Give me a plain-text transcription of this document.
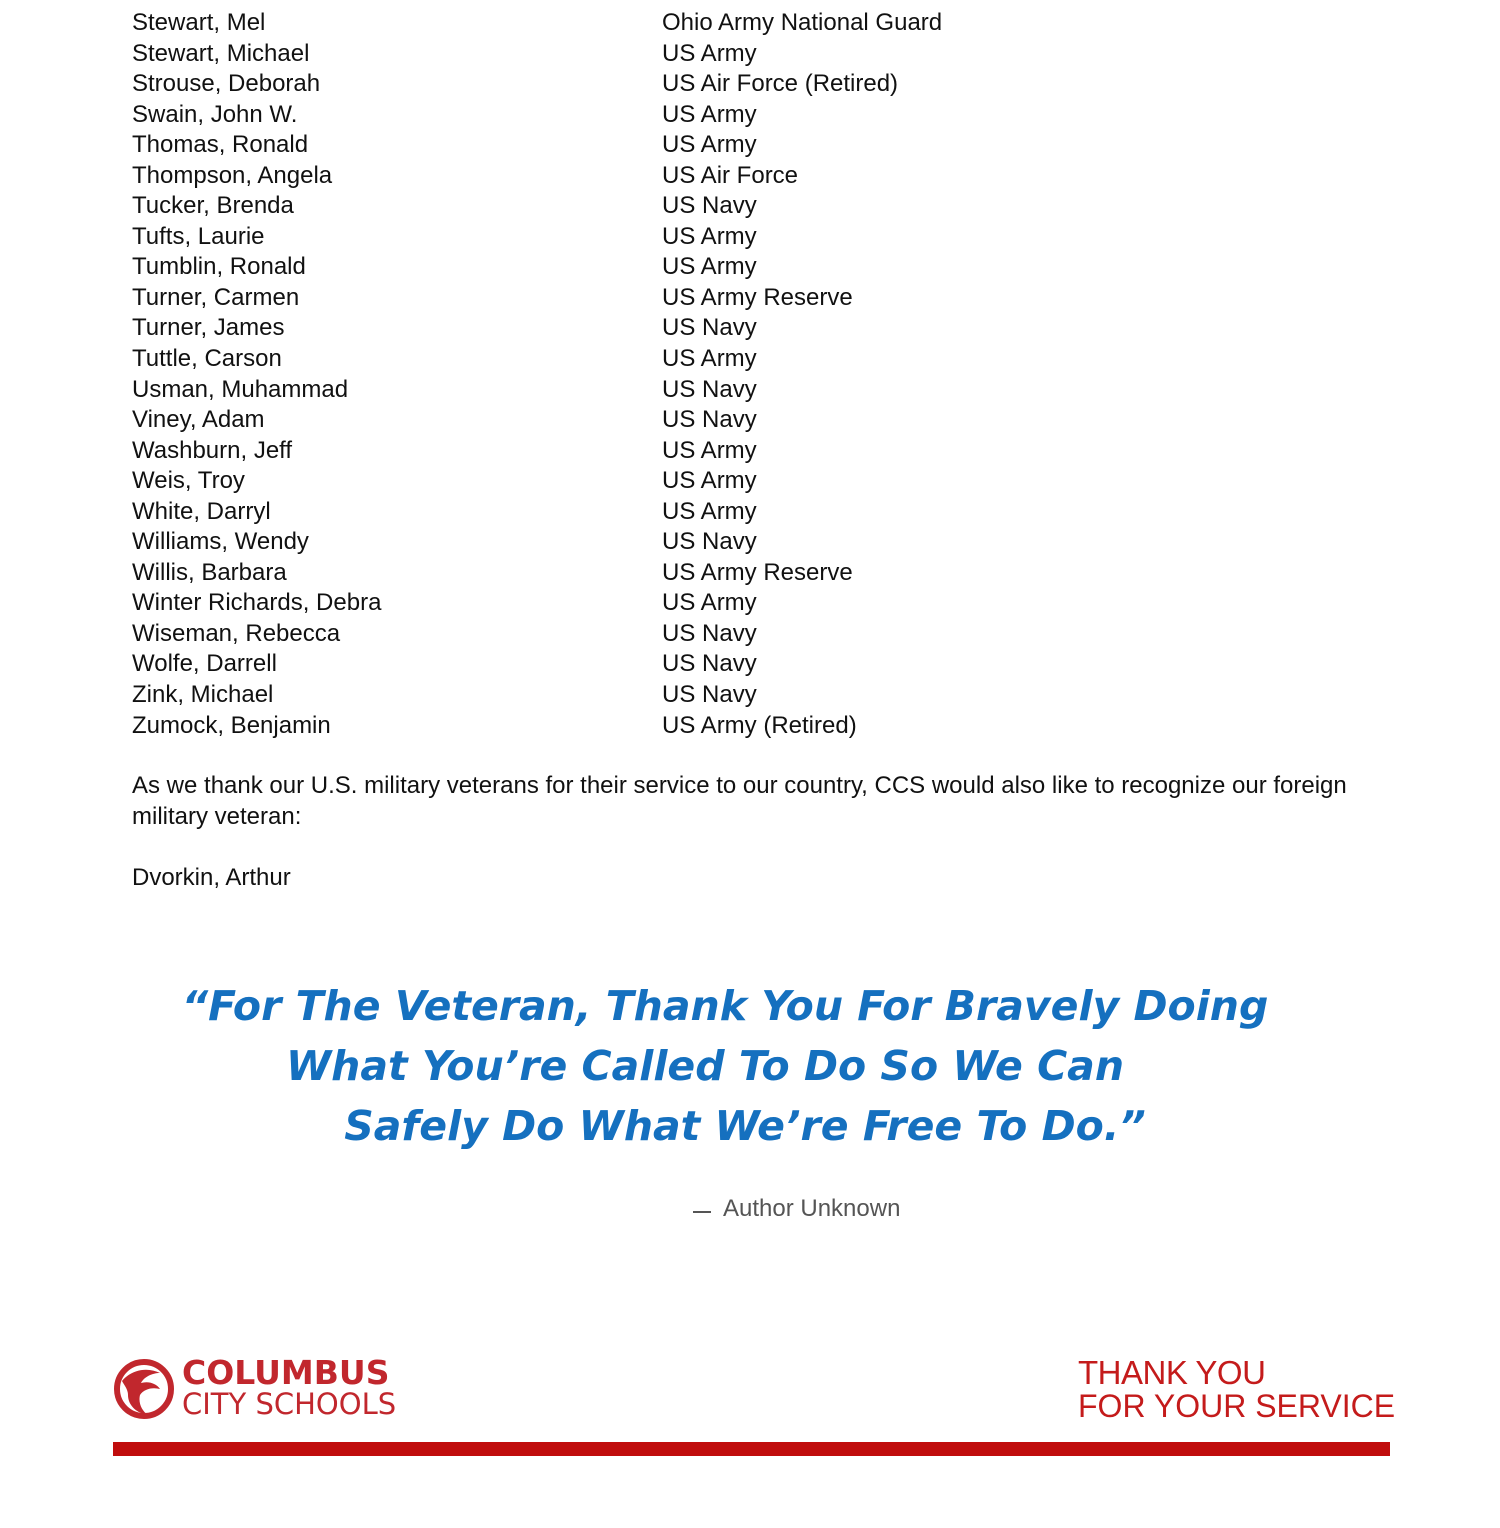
Stewart, Mel	Ohio Army National Guard
Stewart, Michael	US Army
Strouse, Deborah	US Air Force (Retired)
Swain, John W.	US Army
Thomas, Ronald	US Army
Thompson, Angela	US Air Force
Tucker, Brenda	US Navy
Tufts, Laurie	US Army
Tumblin, Ronald	US Army
Turner, Carmen	US Army Reserve
Turner, James	US Navy
Tuttle, Carson	US Army
Usman, Muhammad	US Navy
Viney, Adam	US Navy
Washburn, Jeff	US Army
Weis, Troy	US Army
White, Darryl	US Army
Williams, Wendy	US Navy
Willis, Barbara	US Army Reserve
Winter Richards, Debra	US Army
Wiseman, Rebecca	US Navy
Wolfe, Darrell	US Navy
Zink, Michael	US Navy
Zumock, Benjamin	US Army (Retired)

As we thank our U.S. military veterans for their service to our country, CCS would also like to recognize our foreign military veteran:

Dvorkin, Arthur
“For The Veteran, Thank You For Bravely Doing
What You’re Called To Do So We Can
Safely Do What We’re Free To Do.”
Author Unknown
COLUMBUS
CITY SCHOOLS
THANK YOU
FOR YOUR SERVICE
